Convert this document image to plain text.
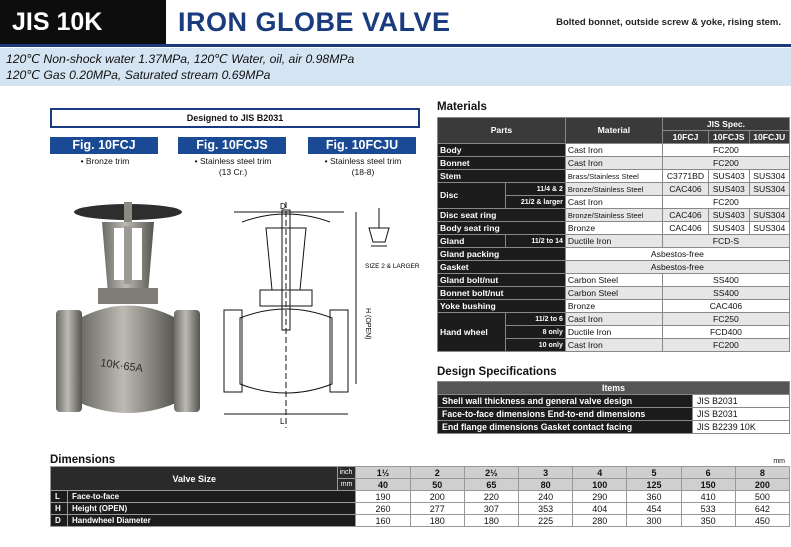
JIS 10K	IRON GLOBE VALVE	Bolted bonnet, outside screw & yoke, rising stem.
120℃ Non-shock water 1.37MPa, 120℃ Water, oil, air 0.98MPa
120℃ Gas 0.20MPa, Saturated stream 0.69MPa
Designed to JIS B2031
Fig. 10FCJ	Fig. 10FCJS	Fig. 10FCJU
• Bronze trim	• Stainless steel trim
(13 Cr.)
• Stainless steel trim
(18-8)
10K·65A
D
L
H (OPEN)
SIZE 2 & LARGER
Materials
Parts		Material	JIS Spec.		
			10FCJ	10FCJS	10FCJU
Body		Cast Iron	FC200		
Bonnet		Cast Iron	FC200		
Stem		Brass/Stainless Steel	C3771BD	SUS403	SUS304
Disc	11/4 & 2	Bronze/Stainless Steel	CAC406	SUS403	SUS304
	21/2 & larger	Cast Iron	FC200		
Disc seat ring		Bronze/Stainless Steel	CAC406	SUS403	SUS304
Body seat ring		Bronze	CAC406	SUS403	SUS304
Gland	11/2 to 14	Ductile Iron	FCD-S		
Gland packing		Asbestos-free			
Gasket		Asbestos-free			
Gland bolt/nut		Carbon Steel	SS400		
Bonnet bolt/nut		Carbon Steel	SS400		
Yoke bushing		Bronze	CAC406		
Hand wheel	11/2 to 6	Cast Iron	FC250		
	8 only	Ductile Iron	FCD400		
	10 only	Cast Iron	FC200		
Design Specifications
Items	
Shell wall thickness and general valve design	JIS B2031
Face-to-face dimensions End-to-end dimensions	JIS B2031
End flange dimensions Gasket contact facing	JIS B2239 10K
Dimensions	mm
Valve Size		inch	1½	2	2½	3	4	5	6	8
		mm	40	50	65	80	100	125	150	200
L	Face-to-face		190	200	220	240	290	360	410	500
H	Height (OPEN)		260	277	307	353	404	454	533	642
D	Handwheel Diameter		160	180	180	225	280	300	350	450
